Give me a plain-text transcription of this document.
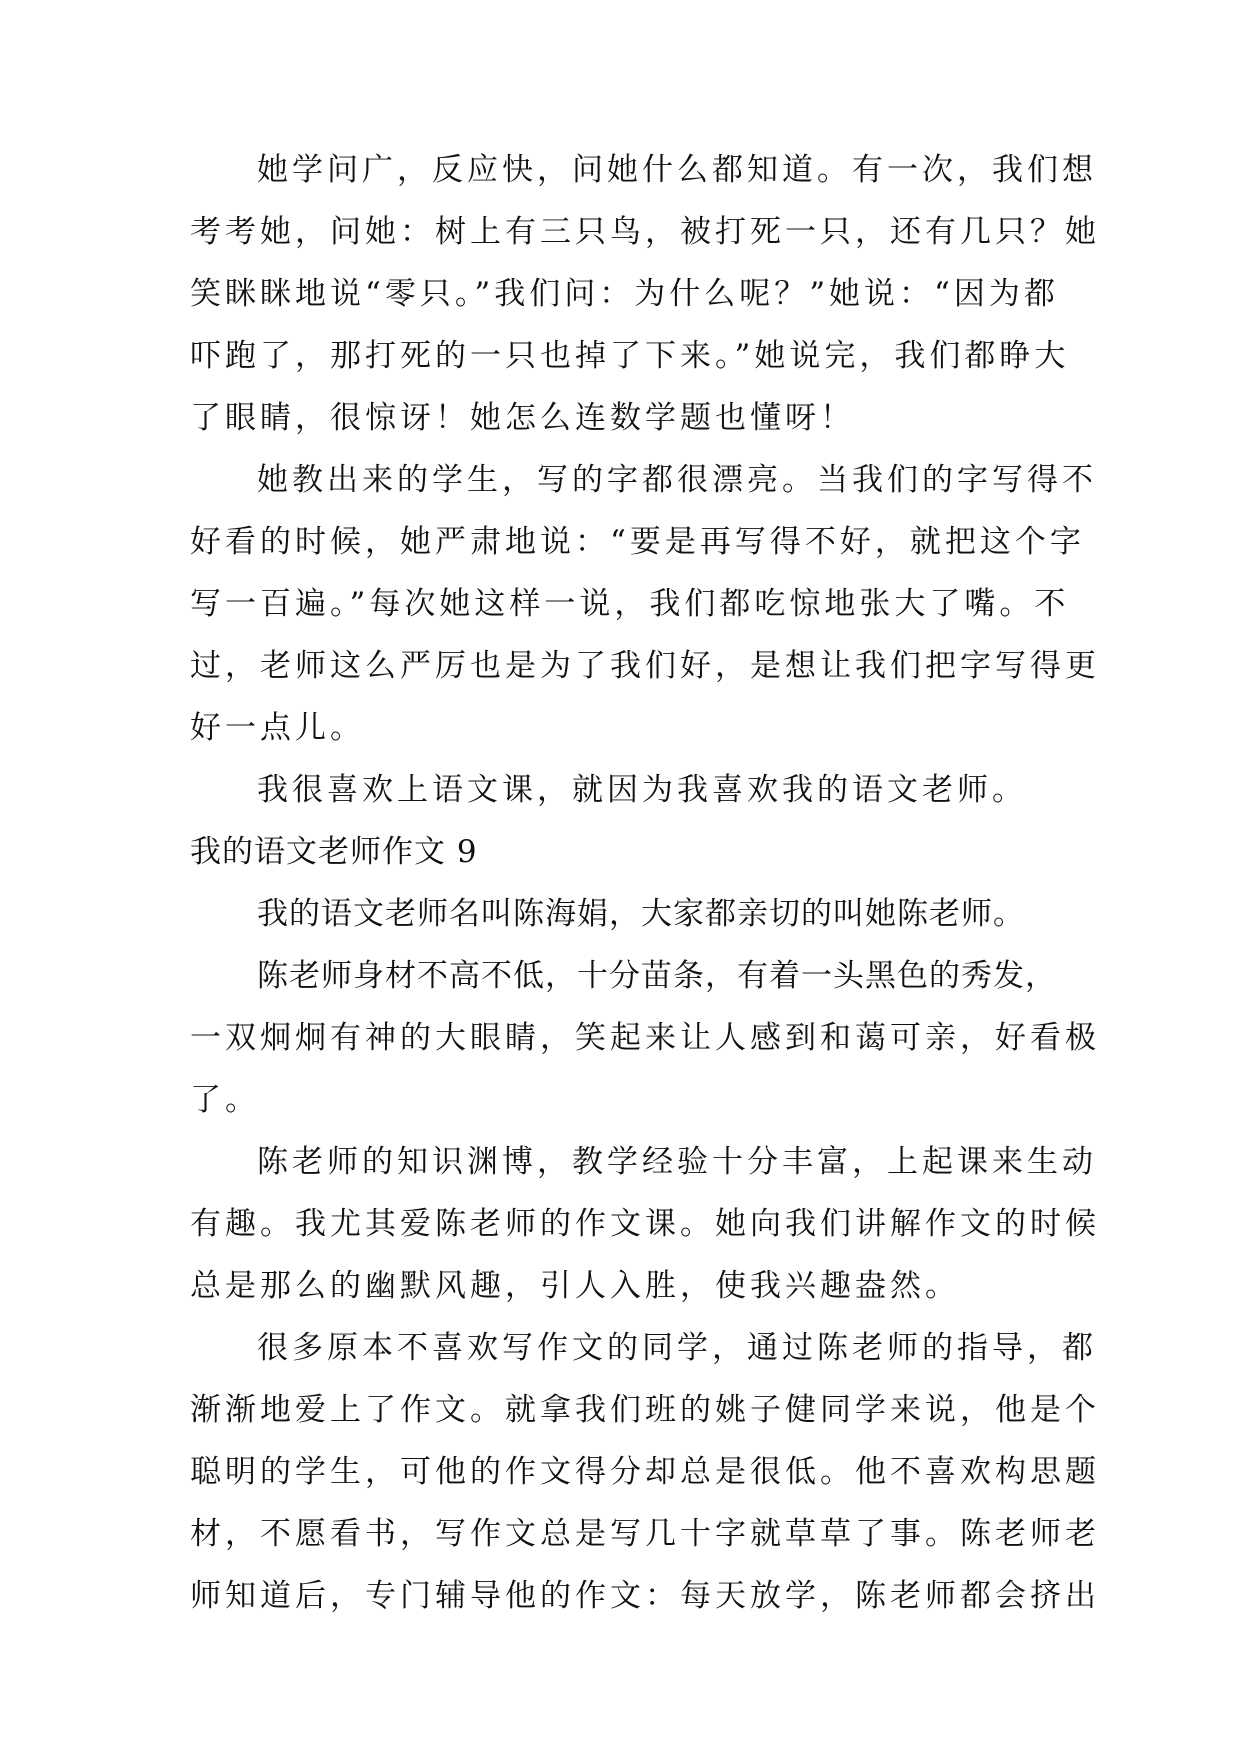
她学问广，反应快，问她什么都知道。有一次，我们想

考考她，问她：树上有三只鸟，被打死一只，还有几只？她

笑眯眯地说“零只。”我们问：为什么呢？”她说：“因为都

吓跑了，那打死的一只也掉了下来。”她说完，我们都睁大

了眼睛，很惊讶！她怎么连数学题也懂呀！

她教出来的学生，写的字都很漂亮。当我们的字写得不

好看的时候，她严肃地说：“要是再写得不好，就把这个字

写一百遍。”每次她这样一说，我们都吃惊地张大了嘴。不

过，老师这么严厉也是为了我们好，是想让我们把字写得更

好一点儿。

我很喜欢上语文课，就因为我喜欢我的语文老师。

我的语文老师作文 9

我的语文老师名叫陈海娟，大家都亲切的叫她陈老师。

陈老师身材不高不低，十分苗条，有着一头黑色的秀发，

一双炯炯有神的大眼睛，笑起来让人感到和蔼可亲，好看极

了。

陈老师的知识渊博，教学经验十分丰富，上起课来生动

有趣。我尤其爱陈老师的作文课。她向我们讲解作文的时候

总是那么的幽默风趣，引人入胜，使我兴趣盎然。

很多原本不喜欢写作文的同学，通过陈老师的指导，都

渐渐地爱上了作文。就拿我们班的姚子健同学来说，他是个

聪明的学生，可他的作文得分却总是很低。他不喜欢构思题

材，不愿看书，写作文总是写几十字就草草了事。陈老师老

师知道后，专门辅导他的作文：每天放学，陈老师都会挤出
